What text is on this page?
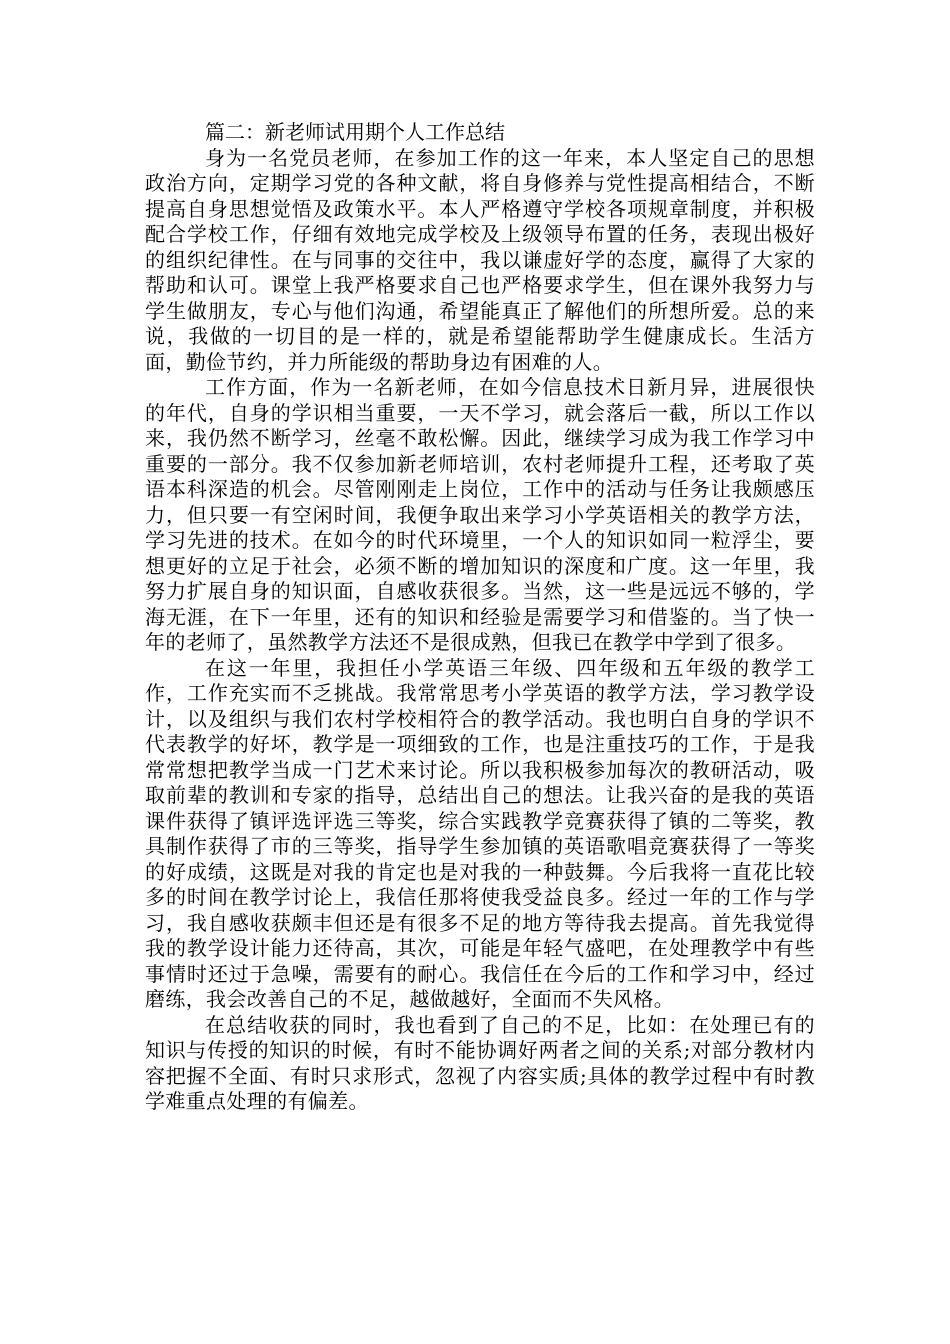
篇二：新老师试用期个人工作总结

身为一名党员老师，在参加工作的这一年来，本人坚定自己的思想政治方向，定期学习党的各种文献，将自身修养与党性提高相结合，不断提高自身思想觉悟及政策水平。本人严格遵守学校各项规章制度，并积极配合学校工作，仔细有效地完成学校及上级领导布置的任务，表现出极好的组织纪律性。在与同事的交往中，我以谦虚好学的态度，赢得了大家的帮助和认可。课堂上我严格要求自己也严格要求学生，但在课外我努力与学生做朋友，专心与他们沟通，希望能真正了解他们的所想所爱。总的来说，我做的一切目的是一样的，就是希望能帮助学生健康成长。生活方面，勤俭节约，并力所能级的帮助身边有困难的人。

工作方面，作为一名新老师，在如今信息技术日新月异，进展很快的年代，自身的学识相当重要，一天不学习，就会落后一截，所以工作以来，我仍然不断学习，丝毫不敢松懈。因此，继续学习成为我工作学习中重要的一部分。我不仅参加新老师培训，农村老师提升工程，还考取了英语本科深造的机会。尽管刚刚走上岗位，工作中的活动与任务让我颇感压力，但只要一有空闲时间，我便争取出来学习小学英语相关的教学方法，学习先进的技术。在如今的时代环境里，一个人的知识如同一粒浮尘，要想更好的立足于社会，必须不断的增加知识的深度和广度。这一年里，我努力扩展自身的知识面，自感收获很多。当然，这一些是远远不够的，学海无涯，在下一年里，还有的知识和经验是需要学习和借鉴的。当了快一年的老师了，虽然教学方法还不是很成熟，但我已在教学中学到了很多。

在这一年里，我担任小学英语三年级、四年级和五年级的教学工作，工作充实而不乏挑战。我常常思考小学英语的教学方法，学习教学设计，以及组织与我们农村学校相符合的教学活动。我也明白自身的学识不代表教学的好坏，教学是一项细致的工作，也是注重技巧的工作，于是我常常想把教学当成一门艺术来讨论。所以我积极参加每次的教研活动，吸取前辈的教训和专家的指导，总结出自己的想法。让我兴奋的是我的英语课件获得了镇评选评选三等奖，综合实践教学竞赛获得了镇的二等奖，教具制作获得了市的三等奖，指导学生参加镇的英语歌唱竞赛获得了一等奖的好成绩，这既是对我的肯定也是对我的一种鼓舞。今后我将一直花比较多的时间在教学讨论上，我信任那将使我受益良多。经过一年的工作与学习，我自感收获颇丰但还是有很多不足的地方等待我去提高。首先我觉得我的教学设计能力还待高，其次，可能是年轻气盛吧，在处理教学中有些事情时还过于急噪，需要有的耐心。我信任在今后的工作和学习中，经过磨练，我会改善自己的不足，越做越好，全面而不失风格。

在总结收获的同时，我也看到了自己的不足，比如：在处理已有的知识与传授的知识的时候，有时不能协调好两者之间的关系;对部分教材内容把握不全面、有时只求形式，忽视了内容实质;具体的教学过程中有时教学难重点处理的有偏差。
